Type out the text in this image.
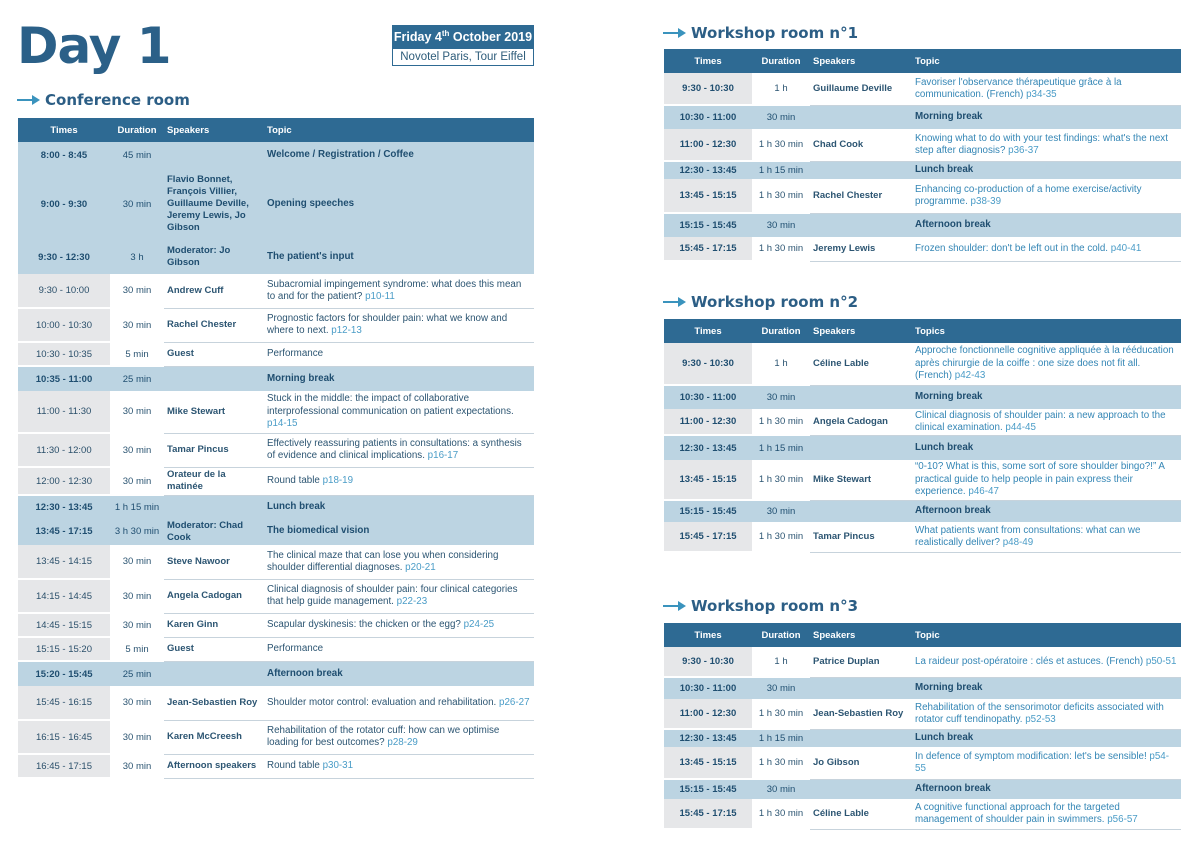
Day 1	Friday 4th October 2019
Novotel Paris, Tour Eiffel
Conference room
Times	Duration	Speakers	Topic
8:00 - 8:45	45 min		Welcome / Registration / Coffee
9:00 - 9:30	30 min	Flavio Bonnet, François Villier, Guillaume Deville, Jeremy Lewis, Jo Gibson	Opening speeches
9:30 - 12:30	3 h	Moderator: Jo Gibson	The patient's input
9:30 - 10:00	30 min	Andrew Cuff	Subacromial impingement syndrome: what does this mean to and for the patient? p10-11
10:00 - 10:30	30 min	Rachel Chester	Prognostic factors for shoulder pain: what we know and where to next. p12-13
10:30 - 10:35	5 min	Guest	Performance
10:35 - 11:00	25 min		Morning break
11:00 - 11:30	30 min	Mike Stewart	Stuck in the middle: the impact of collaborative interprofessional communication on patient expectations. p14-15
11:30 - 12:00	30 min	Tamar Pincus	Effectively reassuring patients in consultations: a synthesis of evidence and clinical implications. p16-17
12:00 - 12:30	30 min	Orateur de la matinée	Round table p18-19
12:30 - 13:45	1 h 15 min		Lunch break
13:45 - 17:15	3 h 30 min	Moderator: Chad Cook	The biomedical vision
13:45 - 14:15	30 min	Steve Nawoor	The clinical maze that can lose you when considering shoulder differential diagnoses. p20-21
14:15 - 14:45	30 min	Angela Cadogan	Clinical diagnosis of shoulder pain: four clinical categories that help guide management. p22-23
14:45 - 15:15	30 min	Karen Ginn	Scapular dyskinesis: the chicken or the egg? p24-25
15:15 - 15:20	5 min	Guest	Performance
15:20 - 15:45	25 min		Afternoon break
15:45 - 16:15	30 min	Jean-Sebastien Roy	Shoulder motor control: evaluation and rehabilitation. p26-27
16:15 - 16:45	30 min	Karen McCreesh	Rehabilitation of the rotator cuff: how can we optimise loading for best outcomes? p28-29
16:45 - 17:15	30 min	Afternoon speakers	Round table p30-31
Workshop room n°1
Times	Duration	Speakers	Topic
9:30 - 10:30	1 h	Guillaume Deville	Favoriser l'observance thérapeutique grâce à la communication. (French) p34-35
10:30 - 11:00	30 min		Morning break
11:00 - 12:30	1 h 30 min	Chad Cook	Knowing what to do with your test findings: what's the next step after diagnosis? p36-37
12:30 - 13:45	1 h 15 min		Lunch break
13:45 - 15:15	1 h 30 min	Rachel Chester	Enhancing co-production of a home exercise/activity programme. p38-39
15:15 - 15:45	30 min		Afternoon break
15:45 - 17:15	1 h 30 min	Jeremy Lewis	Frozen shoulder: don't be left out in the cold. p40-41
Workshop room n°2
Times	Duration	Speakers	Topics
9:30 - 10:30	1 h	Céline Lable	Approche fonctionnelle cognitive appliquée à la rééducation après chirurgie de la coiffe : one size does not fit all. (French) p42-43
10:30 - 11:00	30 min		Morning break
11:00 - 12:30	1 h 30 min	Angela Cadogan	Clinical diagnosis of shoulder pain: a new approach to the clinical examination. p44-45
12:30 - 13:45	1 h 15 min		Lunch break
13:45 - 15:15	1 h 30 min	Mike Stewart	“0-10? What is this, some sort of sore shoulder bingo?!” A practical guide to help people in pain express their experience. p46-47
15:15 - 15:45	30 min		Afternoon break
15:45 - 17:15	1 h 30 min	Tamar Pincus	What patients want from consultations: what can we realistically deliver? p48-49
Workshop room n°3
Times	Duration	Speakers	Topic
9:30 - 10:30	1 h	Patrice Duplan	La raideur post-opératoire : clés et astuces. (French) p50-51
10:30 - 11:00	30 min		Morning break
11:00 - 12:30	1 h 30 min	Jean-Sebastien Roy	Rehabilitation of the sensorimotor deficits associated with rotator cuff tendinopathy. p52-53
12:30 - 13:45	1 h 15 min		Lunch break
13:45 - 15:15	1 h 30 min	Jo Gibson	In defence of symptom modification: let's be sensible! p54-55
15:15 - 15:45	30 min		Afternoon break
15:45 - 17:15	1 h 30 min	Céline Lable	A cognitive functional approach for the targeted management of shoulder pain in swimmers. p56-57
